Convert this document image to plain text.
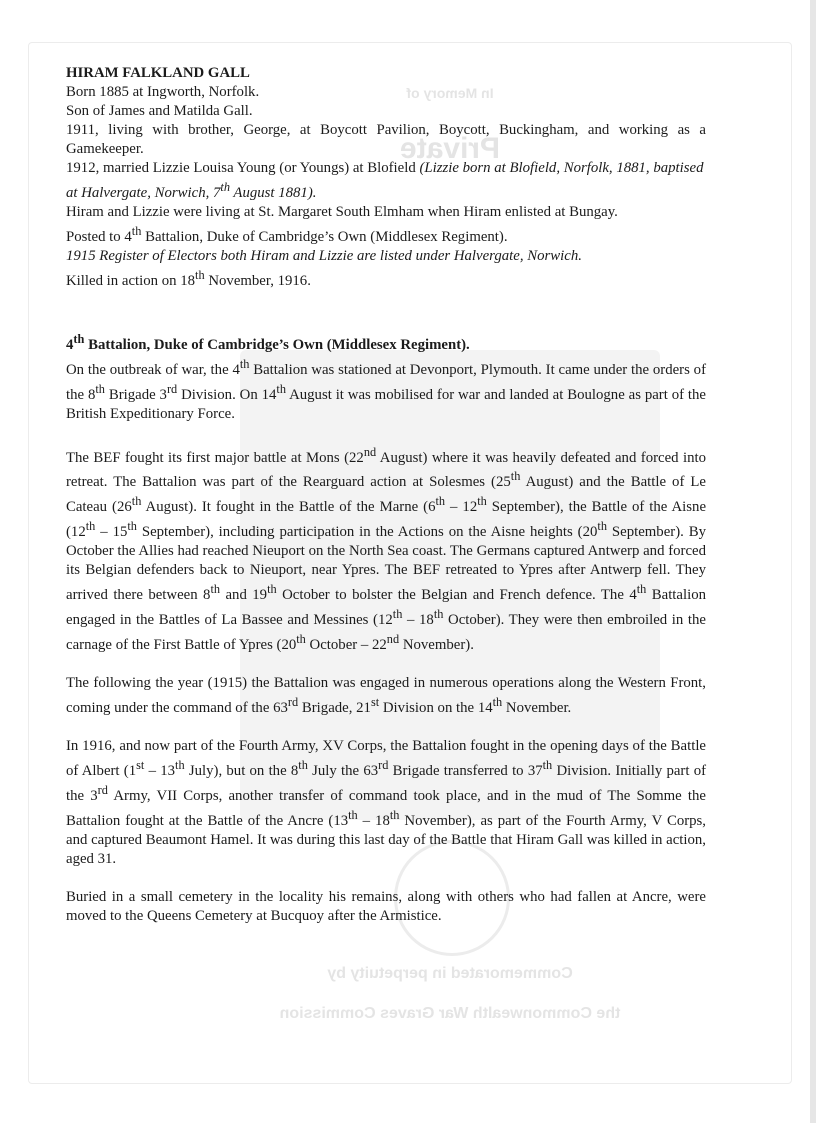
In Memory of
Private
Commemorated in perpetuity by
the Commonwealth War Graves Commission

HIRAM FALKLAND GALL

Born 1885 at Ingworth, Norfolk.

Son of James and Matilda Gall.

1911, living with brother, George, at Boycott Pavilion, Boycott, Buckingham, and working as a Gamekeeper.

1912, married Lizzie Louisa Young (or Youngs) at Blofield (Lizzie born at Blofield, Norfolk, 1881, baptised at Halvergate, Norwich, 7th August 1881).

Hiram and Lizzie were living at St. Margaret South Elmham when Hiram enlisted at Bungay.

Posted to 4th Battalion, Duke of Cambridge’s Own (Middlesex Regiment).

1915 Register of Electors both Hiram and Lizzie are listed under Halvergate, Norwich.

Killed in action on 18th November, 1916.

4th Battalion, Duke of Cambridge’s Own (Middlesex Regiment).

On the outbreak of war, the 4th Battalion was stationed at Devonport, Plymouth. It came under the orders of the 8th Brigade 3rd Division. On 14th August it was mobilised for war and landed at Boulogne as part of the British Expeditionary Force.

The BEF fought its first major battle at Mons (22nd August) where it was heavily defeated and forced into retreat. The Battalion was part of the Rearguard action at Solesmes (25th August) and the Battle of Le Cateau (26th August). It fought in the Battle of the Marne (6th – 12th September), the Battle of the Aisne (12th – 15th September), including participation in the Actions on the Aisne heights (20th September). By October the Allies had reached Nieuport on the North Sea coast. The Germans captured Antwerp and forced its Belgian defenders back to Nieuport, near Ypres. The BEF retreated to Ypres after Antwerp fell. They arrived there between 8th and 19th October to bolster the Belgian and French defence. The 4th Battalion engaged in the Battles of La Bassee and Messines (12th – 18th October). They were then embroiled in the carnage of the First Battle of Ypres (20th October – 22nd November).

The following the year (1915) the Battalion was engaged in numerous operations along the Western Front, coming under the command of the 63rd Brigade, 21st Division on the 14th November.

In 1916, and now part of the Fourth Army, XV Corps, the Battalion fought in the opening days of the Battle of Albert (1st – 13th July), but on the 8th July the 63rd Brigade transferred to 37th Division. Initially part of the 3rd Army, VII Corps, another transfer of command took place, and in the mud of The Somme the Battalion fought at the Battle of the Ancre (13th – 18th November), as part of the Fourth Army, V Corps, and captured Beaumont Hamel. It was during this last day of the Battle that Hiram Gall was killed in action, aged 31.

Buried in a small cemetery in the locality his remains, along with others who had fallen at Ancre, were moved to the Queens Cemetery at Bucquoy after the Armistice.
